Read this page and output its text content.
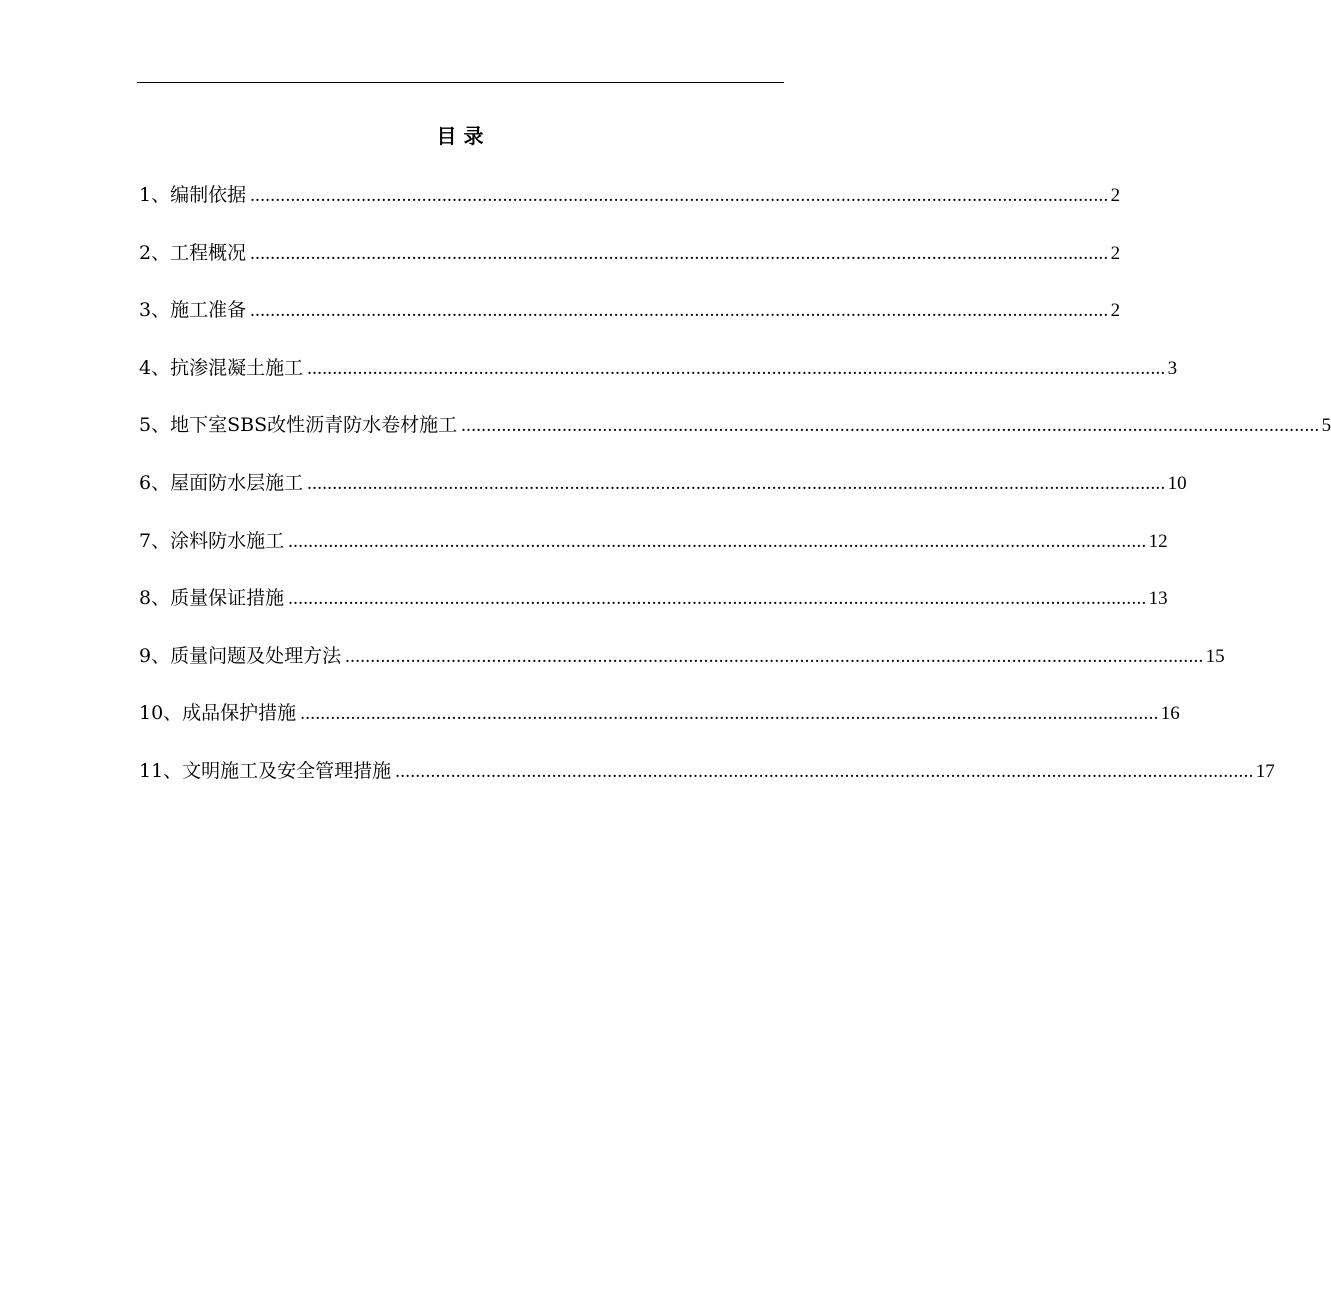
目 录
1、编制依据 .......................................................................................................................................................................... 2
2、工程概况 .......................................................................................................................................................................... 2
3、施工准备 .......................................................................................................................................................................... 2
4、抗渗混凝土施工 .......................................................................................................................................................................... 3
5、地下室SBS改性沥青防水卷材施工 .......................................................................................................................................................................... 5
6、屋面防水层施工 .......................................................................................................................................................................... 10
7、涂料防水施工 .......................................................................................................................................................................... 12
8、质量保证措施 .......................................................................................................................................................................... 13
9、质量问题及处理方法 .......................................................................................................................................................................... 15
10、成品保护措施 .......................................................................................................................................................................... 16
11、文明施工及安全管理措施 .......................................................................................................................................................................... 17
